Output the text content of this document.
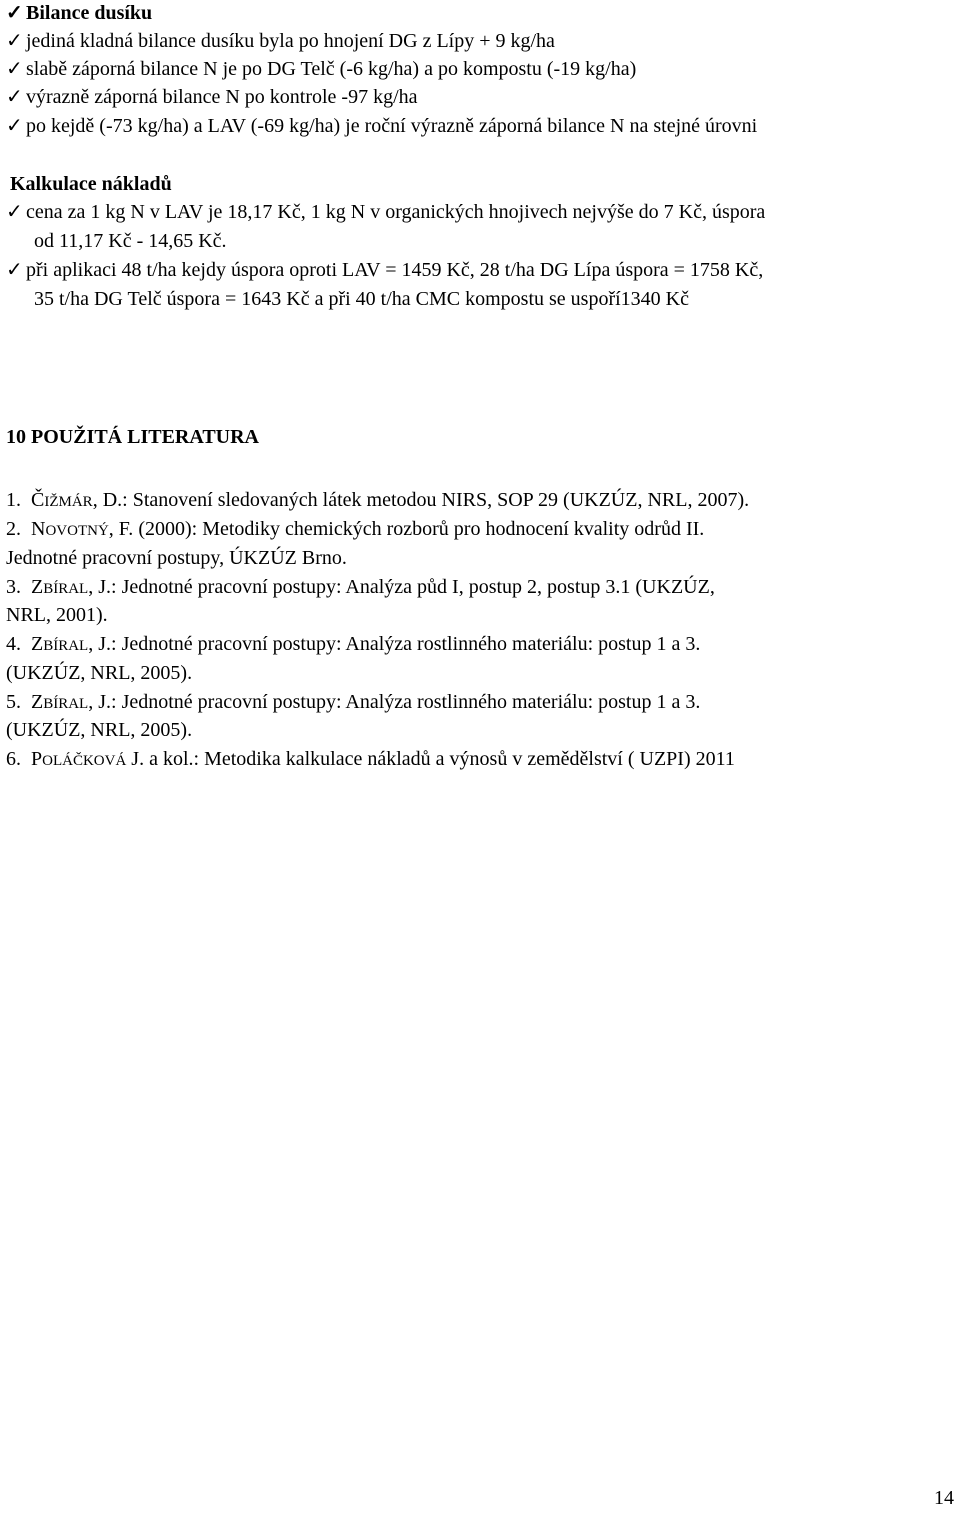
✓ Bilance dusíku
✓ jediná kladná bilance dusíku byla po hnojení DG z Lípy + 9 kg/ha
✓ slabě záporná bilance N je po DG Telč (-6 kg/ha) a po kompostu (-19 kg/ha)
✓ výrazně záporná bilance N po kontrole -97 kg/ha
✓ po kejdě (-73 kg/ha) a LAV (-69 kg/ha) je roční výrazně záporná bilance N na stejné úrovni
Kalkulace nákladů
✓ cena za 1 kg N v LAV je 18,17 Kč, 1 kg N v organických hnojivech nejvýše do 7 Kč, úspora
od 11,17 Kč - 14,65 Kč.
✓ při aplikaci 48 t/ha kejdy úspora oproti LAV = 1459 Kč, 28 t/ha DG Lípa úspora = 1758 Kč,
35 t/ha DG Telč úspora = 1643 Kč a při 40 t/ha CMC kompostu se uspoří1340 Kč
10 POUŽITÁ LITERATURA
1. ČIŽMÁR, D.: Stanovení sledovaných látek metodou NIRS, SOP 29 (UKZÚZ, NRL, 2007).
2. NOVOTNÝ, F. (2000): Metodiky chemických rozborů pro hodnocení kvality odrůd II.
Jednotné pracovní postupy, ÚKZÚZ Brno.
3. ZBÍRAL, J.: Jednotné pracovní postupy: Analýza půd I, postup 2, postup 3.1 (UKZÚZ,
NRL, 2001).
4. ZBÍRAL, J.: Jednotné pracovní postupy: Analýza rostlinného materiálu: postup 1 a 3.
(UKZÚZ, NRL, 2005).
5. ZBÍRAL, J.: Jednotné pracovní postupy: Analýza rostlinného materiálu: postup 1 a 3.
(UKZÚZ, NRL, 2005).
6. POLÁČKOVÁ J. a kol.: Metodika kalkulace nákladů a výnosů v zemědělství ( UZPI) 2011
14
